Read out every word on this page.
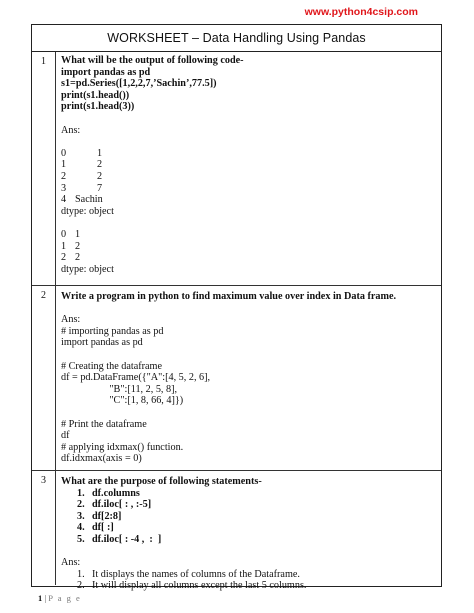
www.python4csip.com
WORKSHEET – Data Handling Using Pandas
1	What will be the output of following code-
import pandas as pd
s1=pd.Series([1,2,2,7,’Sachin’,77.5])
print(s1.head())
print(s1.head(3))
Ans:
0	1
1	2
2	2
3	7
4 Sachin
dtype: object
0 1
1 2
2 2
dtype: object
2	Write a program in python to find maximum value over index in Data frame.
Ans:
# importing pandas as pd
import pandas as pd
# Creating the dataframe
df = pd.DataFrame({"A":[4, 5, 2, 6],
"B":[11, 2, 5, 8],
"C":[1, 8, 66, 4]})
# Print the dataframe
df
# applying idxmax() function.
df.idxmax(axis = 0)
3	What are the purpose of following statements-
1. df.columns
2. df.iloc[ : , :-5]
3. df[2:8]
4. df[ :]
5. df.iloc[ : -4 ,  :  ]
Ans:
1. It displays the names of columns of the Dataframe.
2. It will display all columns except the last 5 columns.
1 | P a g e
